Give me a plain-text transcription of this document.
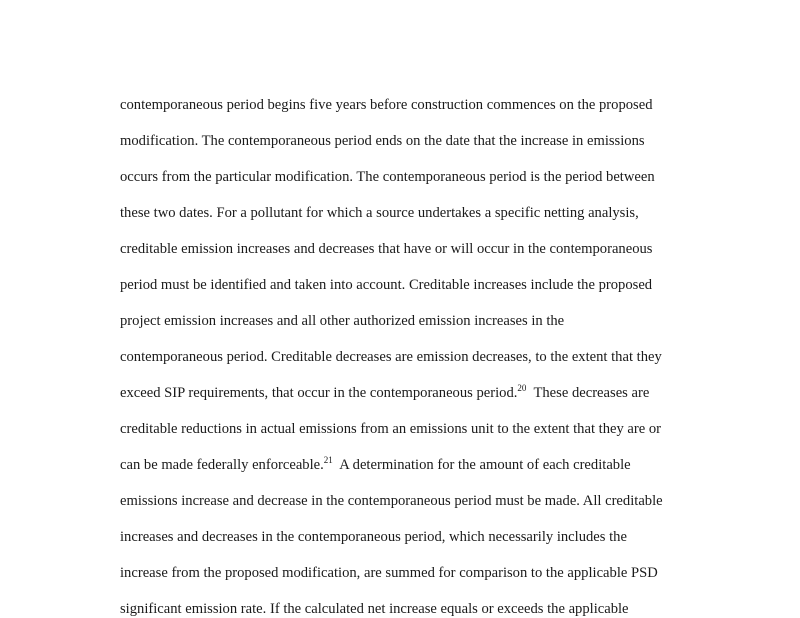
contemporaneous period begins five years before construction commences on the proposed
modification. The contemporaneous period ends on the date that the increase in emissions
occurs from the particular modification. The contemporaneous period is the period between
these two dates. For a pollutant for which a source undertakes a specific netting analysis,
creditable emission increases and decreases that have or will occur in the contemporaneous
period must be identified and taken into account. Creditable increases include the proposed
project emission increases and all other authorized emission increases in the
contemporaneous period. Creditable decreases are emission decreases, to the extent that they
exceed SIP requirements, that occur in the contemporaneous period.$^{20}$  These decreases are
creditable reductions in actual emissions from an emissions unit to the extent that they are or
can be made federally enforceable.$^{21}$  A determination for the amount of each creditable
emissions increase and decrease in the contemporaneous period must be made. All creditable
increases and decreases in the contemporaneous period, which necessarily includes the
increase from the proposed modification, are summed for comparison to the applicable PSD
significant emission rate. If the calculated net increase equals or exceeds the applicable
